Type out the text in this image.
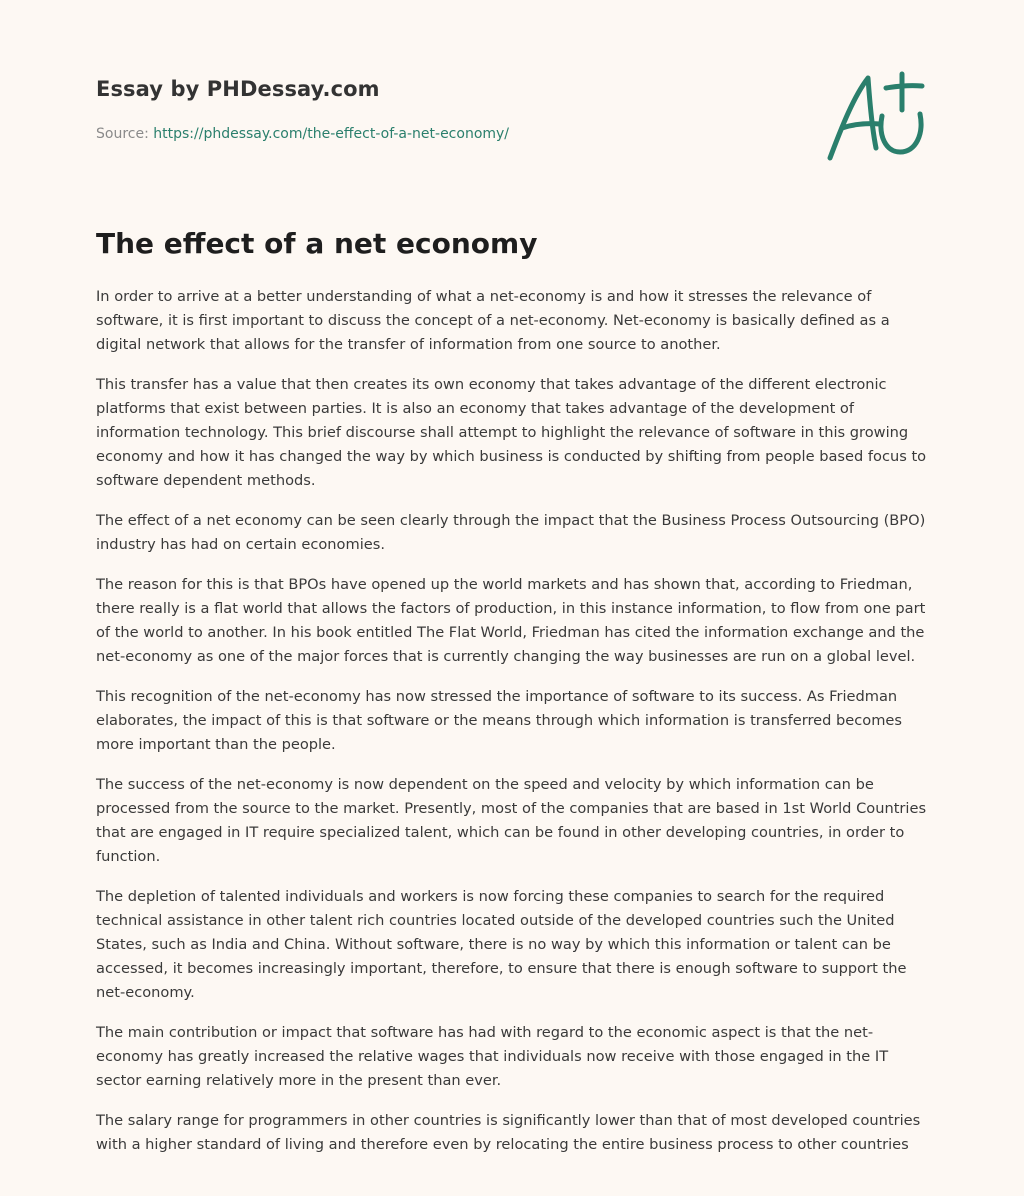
Essay by PHDessay.com
Source: https://phdessay.com/the-effect-of-a-net-economy/
The effect of a net economy

In order to arrive at a better understanding of what a net-economy is and how it stresses the relevance of software, it is first important to discuss the concept of a net-economy. Net-economy is basically defined as a digital network that allows for the transfer of information from one source to another.

This transfer has a value that then creates its own economy that takes advantage of the different electronic platforms that exist between parties. It is also an economy that takes advantage of the development of information technology. This brief discourse shall attempt to highlight the relevance of software in this growing economy and how it has changed the way by which business is conducted by shifting from people based focus to software dependent methods.

The effect of a net economy can be seen clearly through the impact that the Business Process Outsourcing (BPO) industry has had on certain economies.

The reason for this is that BPOs have opened up the world markets and has shown that, according to Friedman, there really is a flat world that allows the factors of production, in this instance information, to flow from one part of the world to another. In his book entitled The Flat World, Friedman has cited the information exchange and the net-economy as one of the major forces that is currently changing the way businesses are run on a global level.

This recognition of the net-economy has now stressed the importance of software to its success. As Friedman elaborates, the impact of this is that software or the means through which information is transferred becomes more important than the people.

The success of the net-economy is now dependent on the speed and velocity by which information can be processed from the source to the market. Presently, most of the companies that are based in 1st World Countries that are engaged in IT require specialized talent, which can be found in other developing countries, in order to function.

The depletion of talented individuals and workers is now forcing these companies to search for the required technical assistance in other talent rich countries located outside of the developed countries such the United States, such as India and China. Without software, there is no way by which this information or talent can be accessed, it becomes increasingly important, therefore, to ensure that there is enough software to support the net-economy.

The main contribution or impact that software has had with regard to the economic aspect is that the net-economy has greatly increased the relative wages that individuals now receive with those engaged in the IT sector earning relatively more in the present than ever.

The salary range for programmers in other countries is significantly lower than that of most developed countries with a higher standard of living and therefore even by relocating the entire business process to other countries
